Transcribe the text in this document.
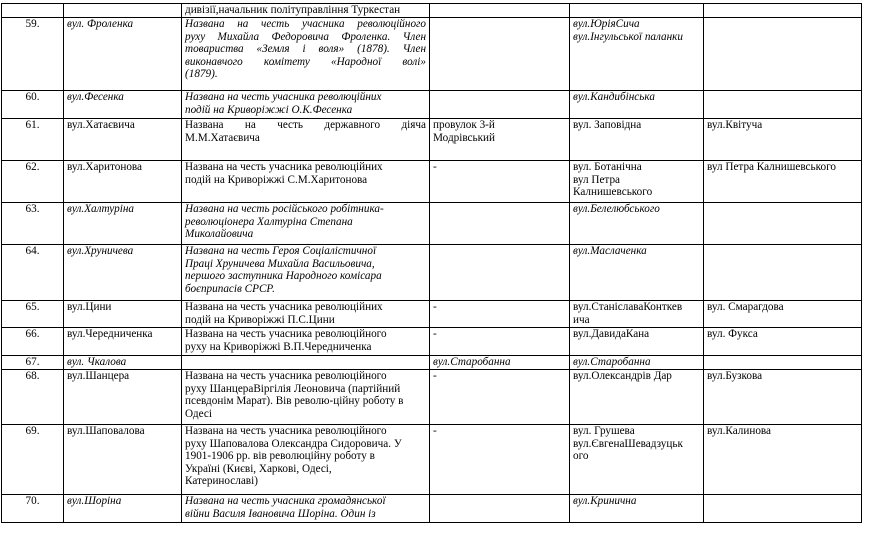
		дивізії,начальник політуправління Туркестан			

59.	вул. Фроленка	Названа на честь учасника революційного
руху Михайла Федоровича Фроленка. Член
товариства «Земля і воля» (1878). Член
виконавчого комітету «Народної волі»
(1879).		вул.ЮріяСича
вул.Інгульської паланки	

60.	вул.Фесенка	Названа на честь учасника революційних
подій на Криворіжжі О.К.Фесенка		вул.Кандибінська	

61.	вул.Хатаєвича	Названа на честь державного діяча
М.М.Хатаєвича	провулок 3-й
Модрівський	вул. Заповідна	вул.Квітуча

62.	вул.Харитонова	Названа на честь учасника революційних
подій на Криворіжжі С.М.Харитонова	-	вул. Ботанічна
вул Петра
Калнишевського	вул Петра Калнишевського

63.	вул.Халтуріна	Названа на честь російського робітника-
революціонера Халтуріна Степана
Миколайовича		вул.Белелюбського	

64.	вул.Хруничева	Названа на честь Героя Соціалістичної
Праці Хруничева Михайла Васильовича,
першого заступника Народного комісара
боєприпасів СРСР.		вул.Маслаченка	

65.	вул.Цини	Названа на честь учасника революційних
подій на Криворіжжі П.С.Цини	-	вул.СтаніславаКонткев
ича	вул. Смарагдова

66.	вул.Чередниченка	Названа на честь учасника революційного
руху на Криворіжжі В.П.Чередниченка	-	вул.ДавидаКана	вул. Фукса

67.	вул. Чкалова		вул.Старобанна	вул.Старобанна	

68.	вул.Шанцера	Названа на честь учасника революційного
руху ШанцераВіргілія Леоновича (партійний
псевдонім Марат). Вів револю-ційну роботу в
Одесі	-	вул.Олександрів Дар	вул.Бузкова

69.	вул.Шаповалова	Названа на честь учасника революційного
руху Шаповалова Олександра Сидоровича. У
1901-1906 рр. вів революційну роботу в
Україні (Києві, Харкові, Одесі,
Катеринославі)	-	вул. Грушева
вул.ЄвгенаШевадзуцьк
ого	вул.Калинова

70.	вул.Шоріна	Названа на честь учасника громадянської
війни Василя Івановича Шоріна. Один із		вул.Кринична	
